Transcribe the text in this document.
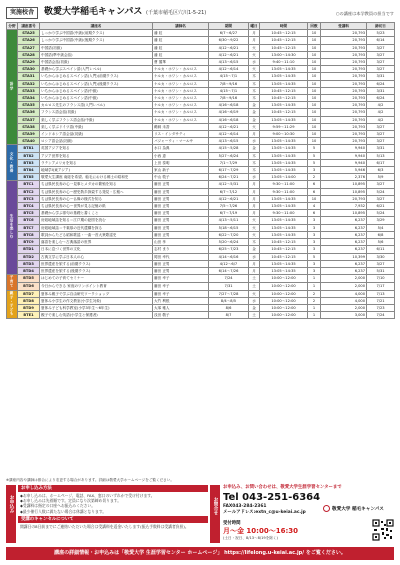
実施校舎	敬愛大学稲毛キャンパス (千葉市稲毛区穴川1-5-21)	○の講座は本学教員の担当です
分野	講座番号	講座名	講師名	期間	曜日	時間	回数	受講料	締切日
語学	STA25	しっかり学ぶ中国語(中級)(前期クラス)	潘 虹	6/7〜6/27	月	10:45〜12:15	10	20,793	5/23
	STA26	しっかり学ぶ中国語(中級)(後期クラス)	潘 虹	6/30〜9/22	月	10:45〜12:15	10	20,793	6/14
	STA27	中国語(初級)	潘 虹	4/12〜6/21	火	10:45〜12:15	10	20,793	3/27
	STA28	中国語(準中級会話)	潘 虹	4/12〜6/21	火	13:00〜14:30	10	20,793	3/27
	STA29	中国語会話(初級)	曹 蕙華	4/13〜6/15	水	9:40〜11:10	10	20,793	3/27
	STA30	基礎から学ぶスペイン語(入門レベル)	ケルカ・ホワン・カルロス	4/12〜6/14	火	13:05〜14:35	10	20,793	3/27
	STA31	いちからはじめるスペイン語(入門)(前期クラス)	ケルカ・ホワン・カルロス	4/15〜7/1	木	13:05〜14:35	10	20,793	3/31
	STA32	いちからはじめるスペイン語(入門)(後期クラス)	ケルカ・ホワン・カルロス	7/8〜9/16	木	13:05〜14:35	10	20,793	6/24
	STA33	いちからはじめるスペイン語(中級)	ケルカ・ホワン・カルロス	4/15〜7/1	木	10:45〜12:15	10	20,793	3/31
	STA34	いちからはじめるスペイン語(中級)	ケルカ・ホワン・カルロス	7/8〜9/16	木	10:45〜12:15	10	20,793	6/24
	STA35	カルロス先生のフランス語(入門レベル)	ケルカ・ホワン・カルロス	4/16〜6/18	金	13:05〜14:35	10	20,793	4/2
	STA36	フランス語会話(初級)	ケルカ・ホワン・カルロス	4/16〜6/19	金	10:45〜12:15	10	20,793	4/2
	STA37	楽しく学ぶフランス語会話(中級)	ケルカ・ホワン・カルロス	4/16〜6/18	金	13:05〜14:35	10	20,793	4/2
	STA38	楽しく学ぶドイツ語(中級)	鵜飼 未香	4/12〜6/21	火	9:59〜11:29	10	20,793	3/27
	STA39	インドネシア語会話(初級)	リス・インダサティ	4/12〜6/14	月	9:00〜10:30	10	20,793	3/27
	STA40	ロシア語会話(初級)	バジャーウィ・マールサ	4/13〜6/15	水	13:05〜14:35	10	20,793	3/27
文化・教養	BT81	英国アジアを知る	水口 為典	4/15〜5/28	金	13:05〜14:35	5	9,940	3/31
	BT82	アジア世界を知る	小西 恵	5/27〜6/24	木	13:05〜14:35	5	9,940	5/13
	BT83	ラテンアメリカを知る	上田 泰明	7/1〜7/29	木	13:05〜14:35	5	9,940	6/17
	BT84	地域学Ⅰ(東アジア)	家山 新子	6/17〜7/29	木	13:05〜14:35	3	5,946	6/3
	BT85	敬愛大生講座 南総を希望。稲毛における郷土の昭和史	中山 敦子	6/24〜7/21	水	13:05〜14:00	2	2,376	5/9
生活を楽しむ	BTC1	ちば県民長寿の心一見事とメダカの繁殖を知る	藤田 正男	4/12〜5/31	月	9:30〜11:00	6	10,895	3/27
	BTC2	ちば県民長寿の心ー歴史散歩探索する発見・広報へ	藤田 正男	6/7〜7/12	月	9:30〜11:00	6	10,895	5/24
	BTC3	ちば県民長寿の心ー仏像の様式を知る	藤田 正男	4/12〜6/21	月	13:05〜14:35	10	20,793	3/27
	BTC4	ちば県民長寿の心ー世界が見る記憶の紙	藤田 正男	7/5〜7/26	月	13:05〜14:35	4	7,932	6/21
	BTC5	基礎から学ぶ俳句の基礎と書くこと	藤田 正男	6/7〜7/19	月	9:30〜11:00	6	10,895	5/24
	BTC6	房総地域誌を知る＝江戸期の絵図を読む	藤田 正男	4/13〜5/11	火	13:05〜14:35	3	6,237	3/29
	BTC7	房総地域誌＝千葉県の近代遺構を探る	藤田 正男	5/18〜6/15	火	13:05〜14:35	3	6,237	5/4
	BTC8	歌詞からたどる昭和歌謡・一曲一首大衆歌謡史	藤田 正男	6/22〜7/20	火	13:05〜14:35	3	6,237	6/8
	BTC9	落語を楽しむ〜古典落語の世界	山田 孝	5/20〜6/24	木	10:45〜12:15	3	6,237	5/6
	BTD1	日本に息づく世界の文化	志村 まり	6/25〜7/23	金	10:45〜12:15	3	6,237	6/11
	BTD2	古典文学に学ぶ日本人の心	岡田 幸代	4/14〜6/16	水	10:45〜12:15	5	10,399	3/30
	BTD3	世界遺産を旅する(前期クラス)	藤田 正男	4/12〜6/7	月	13:05〜14:35	3	6,237	3/27
	BTD4	世界遺産を旅する(後期クラス)	藤田 正男	6/14〜7/26	月	13:05〜14:35	3	6,237	5/31
子育て	BTD5	はじめての子育てセミナー	藤田 幸子	7/24	土	10:00〜12:00	1	2,000	7/10
	BTD6	今日からできる 家庭のワンポイント教育	藤田 幸子	7/31	土	10:00〜12:00	1	2,000	7/17
親子・子ども	BTD7	夏休み親子で学ぶ自由研究ワークショップ	藤田 幸子	7/27〜7/28	火	10:00〜12:00	2	4,000	7/13
	BTD8	夏休み小学生の作文教室(小学生対象)	大竹 利根	8/4〜8/5	水	10:00〜12:00	2	4,000	7/21
	BTD9	夏休み子ども科学教室(小学3年生〜6年生)	大塚 雅人	8/6	金	10:00〜12:00	1	2,000	7/23
	BTE1	親子で楽しむ英語(小学生と保護者)	浅田 敬子	8/7	土	10:00〜12:00	1	3,000	7/24
※講座内容や講師は都合により変更する場合があります。詳細は敬愛大学ホームページをご覧ください。
お申込み
お申し込み方法
◆お申し込みは、ホームページ、電話、FAX、窓口のいずれかで受け付けます。
◆お申し込みは先着順です。定員になり次第締め切ります。
◆受講料は指定の口座へお振込みください。
◆最少催行人数に満たない場合は休講となります。
受講のキャンセルについて
開講日の8日前までにご連絡いただいた場合は受講料を返金いたします(振込手数料は受講者負担)。
お問合せ
お申込み、お問い合わせは、敬愛大学生涯学習センターまで
Tel 043-251-6364
FAX043-284-2361
メールアドレス:extn_c@u-keiai.ac.jp
敬愛大学 稲毛キャンパス
受付時間
月〜金 10:00〜16:30
(土日・祝日、8/13〜8/19を除く)
講座の詳細情報・お申込みは「敬愛大学 生涯学習センター ホームページ」 https://lifelong.u-keiai.ac.jp/ をご覧ください。
